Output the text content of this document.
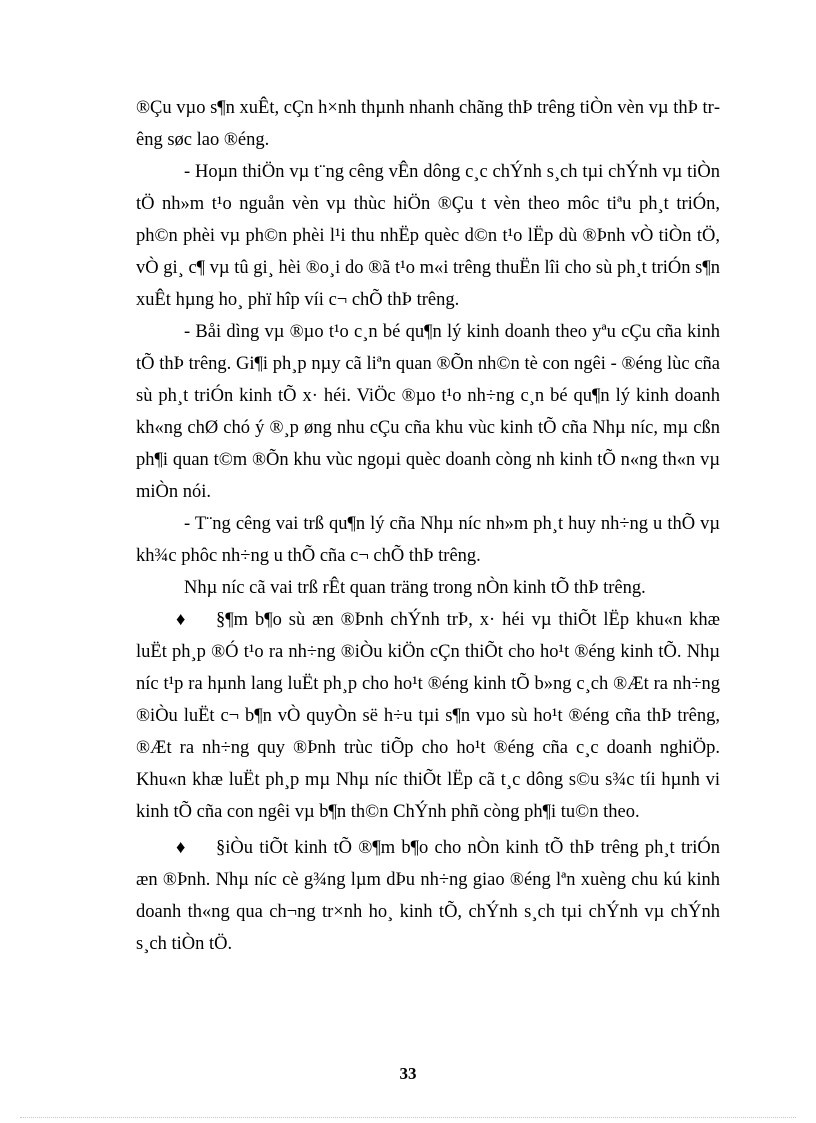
®Çu vµo s¶n xuÊt, cÇn h×nh thµnh nhanh chãng thÞ trêng tiÒn vèn vµ thÞ trêng søc lao ®éng.

- Hoµn thiÖn vµ t¨ng cêng vÊn dông c¸c chÝnh s¸ch tµi chÝnh vµ tiÒn tÖ nh»m t¹o nguån vèn vµ thùc hiÖn ®Çu t vèn theo môc tiªu ph¸t triÓn, ph©n phèi vµ ph©n phèi l¹i thu nhËp quèc d©n t¹o lËp dù ®Þnh vÒ tiÒn tÖ, vÒ gi¸ c¶ vµ tû gi¸ hèi ®o¸i do ®ã t¹o m«i trêng thuËn lîi cho sù ph¸t triÓn s¶n xuÊt hµng ho¸ phï hîp víi c¬ chÕ thÞ trêng.

- Båi dìng vµ ®µo t¹o c¸n bé qu¶n lý kinh doanh theo yªu cÇu cña kinh tÕ thÞ trêng. Gi¶i ph¸p nµy cã liªn quan ®Õn nh©n tè con ngêi - ®éng lùc cña sù ph¸t triÓn kinh tÕ x· héi. ViÖc ®µo t¹o nh÷ng c¸n bé qu¶n lý kinh doanh kh«ng chØ chó ý ®¸p øng nhu cÇu cña khu vùc kinh tÕ cña Nhµ níc, mµ cßn ph¶i quan t©m ®Õn khu vùc ngoµi quèc doanh còng nh kinh tÕ n«ng th«n vµ miÒn nói.

- T¨ng cêng vai trß qu¶n lý cña Nhµ níc nh»m ph¸t huy nh÷ng u thÕ vµ kh¾c phôc nh÷ng u thÕ cña c¬ chÕ thÞ trêng.

Nhµ níc cã vai trß rÊt quan träng trong nÒn kinh tÕ thÞ trêng.

♦ §¶m b¶o sù æn ®Þnh chÝnh trÞ, x· héi vµ thiÕt lËp khu«n khæ luËt ph¸p ®Ó t¹o ra nh÷ng ®iÒu kiÖn cÇn thiÕt cho ho¹t ®éng kinh tÕ. Nhµ níc t¹p ra hµnh lang luËt ph¸p cho ho¹t ®éng kinh tÕ b»ng c¸ch ®Æt ra nh÷ng ®iÒu luËt c¬ b¶n vÒ quyÒn së h÷u tµi s¶n vµo sù ho¹t ®éng cña thÞ trêng, ®Æt ra nh÷ng quy ®Þnh trùc tiÕp cho ho¹t ®éng cña c¸c doanh nghiÖp. Khu«n khæ luËt ph¸p mµ Nhµ níc thiÕt lËp cã t¸c dông s©u s¾c tíi hµnh vi kinh tÕ cña con ngêi vµ b¶n th©n ChÝnh phñ còng ph¶i tu©n theo.

♦ §iÒu tiÕt kinh tÕ ®¶m b¶o cho nÒn kinh tÕ thÞ trêng ph¸t triÓn æn ®Þnh. Nhµ níc cè g¾ng lµm dÞu nh÷ng giao ®éng lªn xuèng chu kú kinh doanh th«ng qua ch¬ng tr×nh ho¸ kinh tÕ, chÝnh s¸ch tµi chÝnh vµ chÝnh s¸ch tiÒn tÖ.

33
